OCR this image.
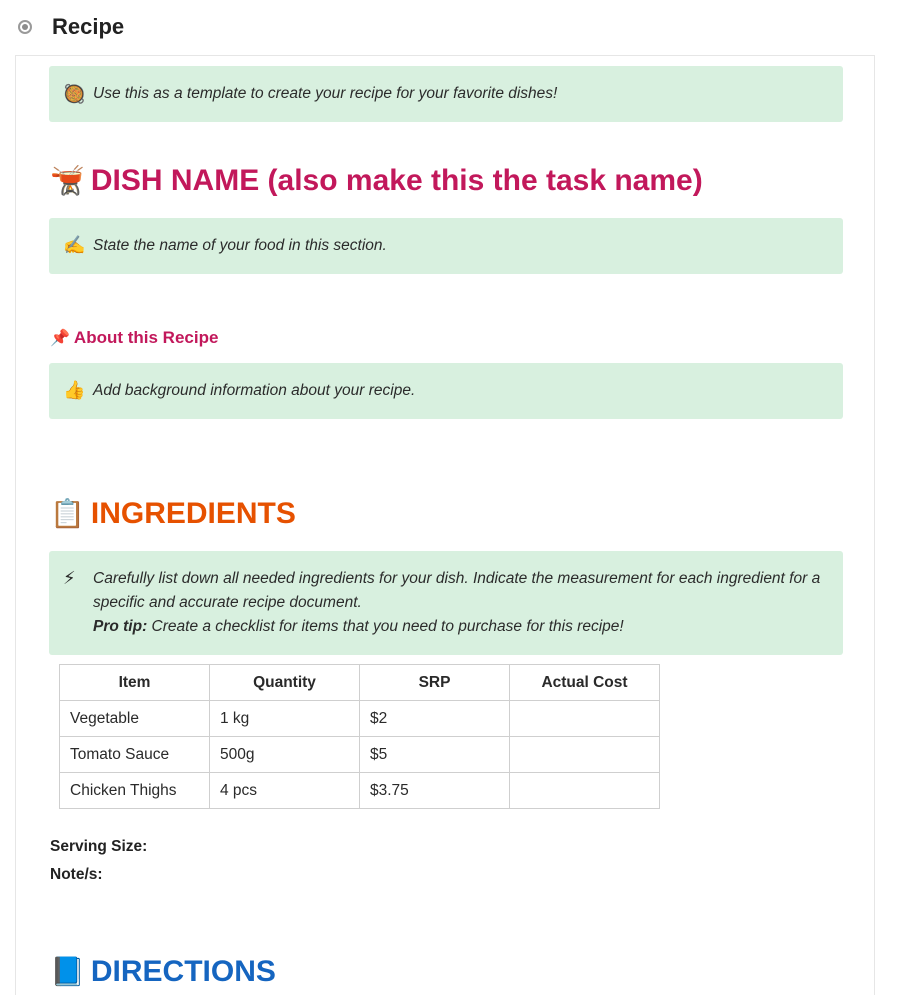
Recipe
🥘 Use this as a template to create your recipe for your favorite dishes!
🫕 DISH NAME (also make this the task name)
✍️ State the name of your food in this section.
📌 About this Recipe
👍 Add background information about your recipe.
📋 INGREDIENTS
⚡ Carefully list down all needed ingredients for your dish. Indicate the measurement for each ingredient for a specific and accurate recipe document.
Pro tip: Create a checklist for items that you need to purchase for this recipe!
Item	Quantity	SRP	Actual Cost
Vegetable	1 kg	$2	
Tomato Sauce	500g	$5	
Chicken Thighs	4 pcs	$3.75	
Serving Size:
Note/s:
📘 DIRECTIONS
